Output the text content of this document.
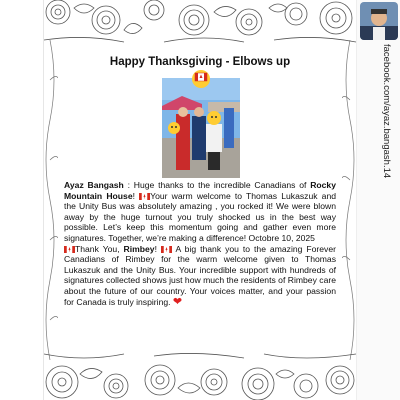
Happy Thanksgiving - Elbows up

Ayaz Bangash : Huge thanks to the incredible Canadians of Rocky Mountain House! Your warm welcome to Thomas Lukaszuk and the Unity Bus was absolutely amazing , you rocked it! We were blown away by the huge turnout you truly shocked us in the best way possible. Let’s keep this momentum going and gather even more signatures. Together, we’re making a difference! Octobre 10, 2025

Thank You, Rimbey!  A big thank you to the amazing Forever Canadians of Rimbey for the warm welcome given to Thomas Lukaszuk and the Unity Bus. Your incredible support with hundreds of signatures collected shows just how much the residents of Rimbey care about the future of our country. Your voices matter, and your passion for Canada is truly inspiring. ❤

facebook.com/ayaz.bangash.14
